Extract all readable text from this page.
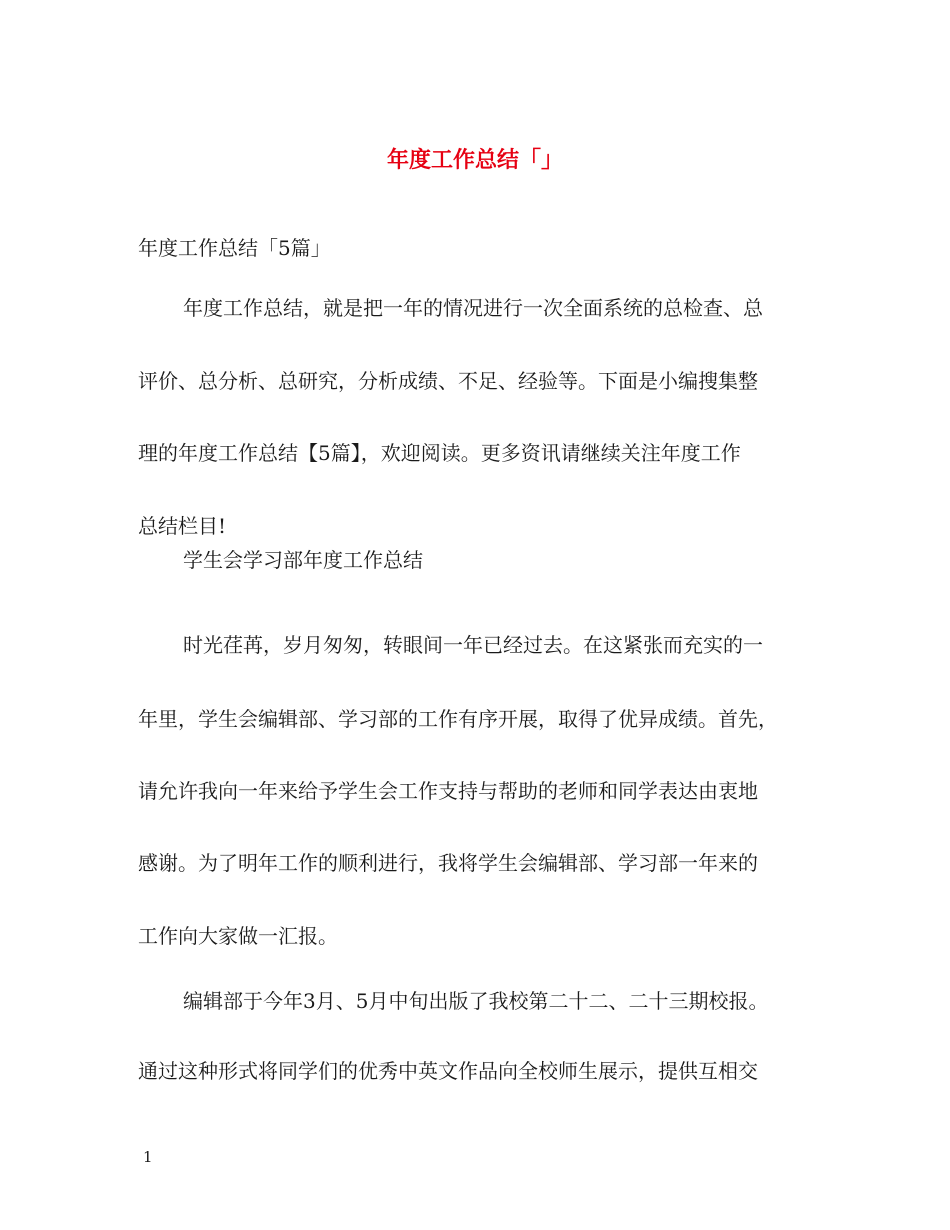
年度工作总结「」
年度工作总结「5篇」
年度工作总结，就是把一年的情况进行一次全面系统的总检查、总
评价、总分析、总研究，分析成绩、不足、经验等。下面是小编搜集整
理的年度工作总结【5篇】，欢迎阅读。更多资讯请继续关注年度工作
总结栏目!
学生会学习部年度工作总结
时光荏苒，岁月匆匆，转眼间一年已经过去。在这紧张而充实的一
年里，学生会编辑部、学习部的工作有序开展，取得了优异成绩。首先，
请允许我向一年来给予学生会工作支持与帮助的老师和同学表达由衷地
感谢。为了明年工作的顺利进行，我将学生会编辑部、学习部一年来的
工作向大家做一汇报。
编辑部于今年3月、5月中旬出版了我校第二十二、二十三期校报。
通过这种形式将同学们的优秀中英文作品向全校师生展示，提供互相交
1
